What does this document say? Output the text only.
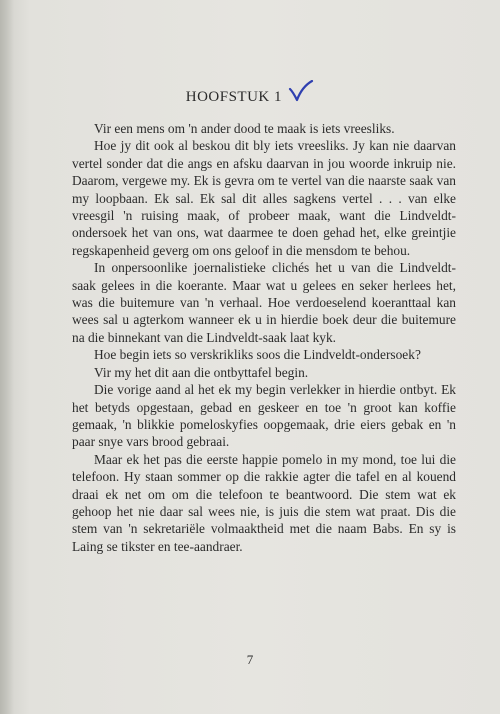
HOOFSTUK 1

Vir een mens om 'n ander dood te maak is iets vreesliks.

Hoe jy dit ook al beskou dit bly iets vreesliks. Jy kan nie daarvan vertel sonder dat die angs en afsku daarvan in jou woorde inkruip nie. Daarom, vergewe my. Ek is gevra om te vertel van die naarste saak van my loopbaan. Ek sal. Ek sal dit alles sagkens vertel . . . van elke vreesgil 'n ruising maak, of probeer maak, want die Lindveldt-ondersoek het van ons, wat daarmee te doen gehad het, elke greintjie regskapenheid geverg om ons geloof in die mensdom te behou.

In onpersoonlike joernalistieke clichés het u van die Lindveldt-saak gelees in die koerante. Maar wat u gelees en seker herlees het, was die buitemure van 'n verhaal. Hoe verdoeselend koeranttaal kan wees sal u agterkom wanneer ek u in hierdie boek deur die buitemure na die binnekant van die Lindveldt-saak laat kyk.

Hoe begin iets so verskrikliks soos die Lindveldt-ondersoek?

Vir my het dit aan die ontbyttafel begin.

Die vorige aand al het ek my begin verlekker in hierdie ontbyt. Ek het betyds opgestaan, gebad en geskeer en toe 'n groot kan koffie gemaak, 'n blikkie pomeloskyfies oopgemaak, drie eiers gebak en 'n paar snye vars brood gebraai.

Maar ek het pas die eerste happie pomelo in my mond, toe lui die telefoon. Hy staan sommer op die rakkie agter die tafel en al kouend draai ek net om om die telefoon te beantwoord. Die stem wat ek gehoop het nie daar sal wees nie, is juis die stem wat praat. Dis die stem van 'n sekretariële volmaaktheid met die naam Babs. En sy is Laing se tikster en tee-aandraer.

7
